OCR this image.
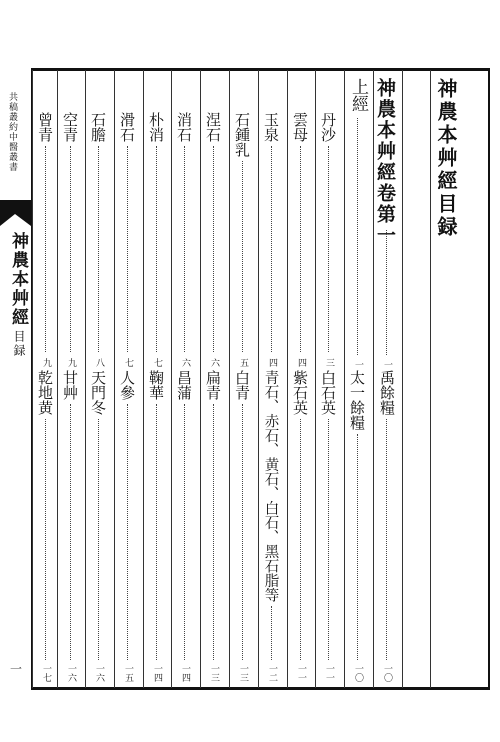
共稿叢約中醫叢書
神農本艸經
目録
一
神農本艸經目録
神農本艸經卷第一
一
禹餘糧
一〇
上經
一
太一餘糧
一〇
丹沙
三
白石英
一一
雲母
四
紫石英
一一
玉泉
四
青石、赤石、黄石、白石、黑石脂等
一二
石鍾乳
五
白青
一三
涅石
六
扁青
一三
消石
六
昌蒲
一四
朴消
七
鞠華
一四
滑石
七
人參
一五
石膽
八
天門冬
一六
空青
九
甘艸
一六
曾青
九
乾地黄
一七
